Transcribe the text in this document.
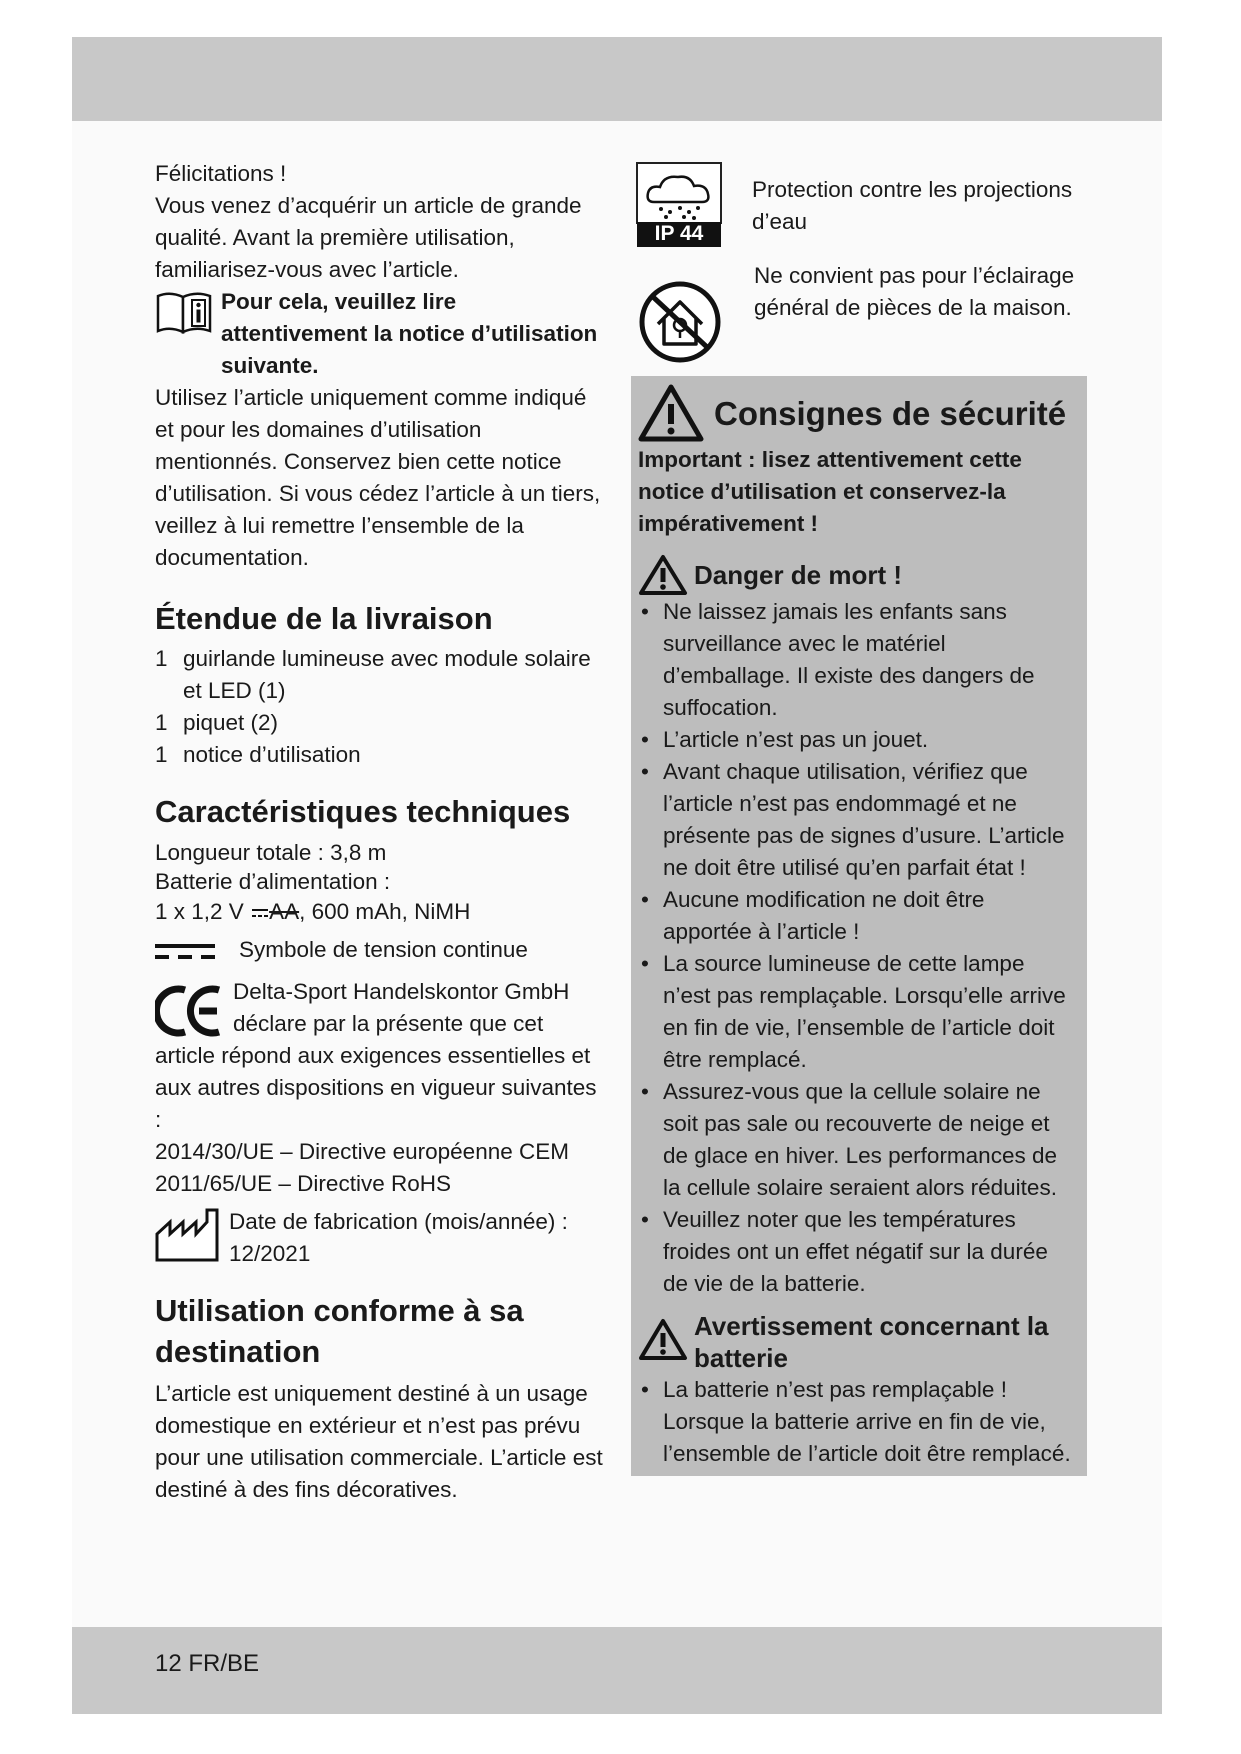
Félicitations !

Vous venez d’acquérir un article de grande qualité. Avant la première utilisation, familiarisez-vous avec l’article.

Pour cela, veuillez lire attentivement la notice d’utilisation suivante.

Utilisez l’article uniquement comme indiqué et pour les domaines d’utilisation mentionnés. Conservez bien cette notice d’utilisation. Si vous cédez l’article à un tiers, veillez à lui remettre l’ensemble de la documentation.

Étendue de la livraison
1 guirlande lumineuse avec module solaire et LED (1)
1 piquet (2)
1 notice d’utilisation
Caractéristiques techniques

Longueur totale : 3,8 m

Batterie d’alimentation :

1 x 1,2 V AA, 600 mAh, NiMH

Symbole de tension continue

Delta-Sport Handelskontor GmbH déclare par la présente que cet article répond aux exigences essentielles et aux autres dispositions en vigueur suivantes :

2014/30/UE – Directive européenne CEM

2011/65/UE – Directive RoHS

Date de fabrication (mois/année) :

12/2021

Utilisation conforme à sa destination

L’article est uniquement destiné à un usage domestique en extérieur et n’est pas prévu pour une utilisation commerciale. L’article est destiné à des fins décoratives.

Protection contre les projections d’eau

IP 44

Ne convient pas pour l’éclairage général de pièces de la maison.

Consignes de sécurité

Important : lisez attentivement cette notice d’utilisation et conservez-la impérativement !

Danger de mort !
• Ne laissez jamais les enfants sans surveillance avec le matériel d’emballage. Il existe des dangers de suffocation.
• L’article n’est pas un jouet.
• Avant chaque utilisation, vérifiez que l’article n’est pas endommagé et ne présente pas de signes d’usure. L’article ne doit être utilisé qu’en parfait état !
• Aucune modification ne doit être apportée à l’article !
• La source lumineuse de cette lampe n’est pas remplaçable. Lorsqu’elle arrive en fin de vie, l’ensemble de l’article doit être remplacé.
• Assurez-vous que la cellule solaire ne soit pas sale ou recouverte de neige et de glace en hiver. Les performances de la cellule solaire seraient alors réduites.
• Veuillez noter que les températures froides ont un effet négatif sur la durée de vie de la batterie.
Avertissement concernant la batterie
• La batterie n’est pas remplaçable ! Lorsque la batterie arrive en fin de vie, l’ensemble de l’article doit être remplacé.
12 FR/BE
